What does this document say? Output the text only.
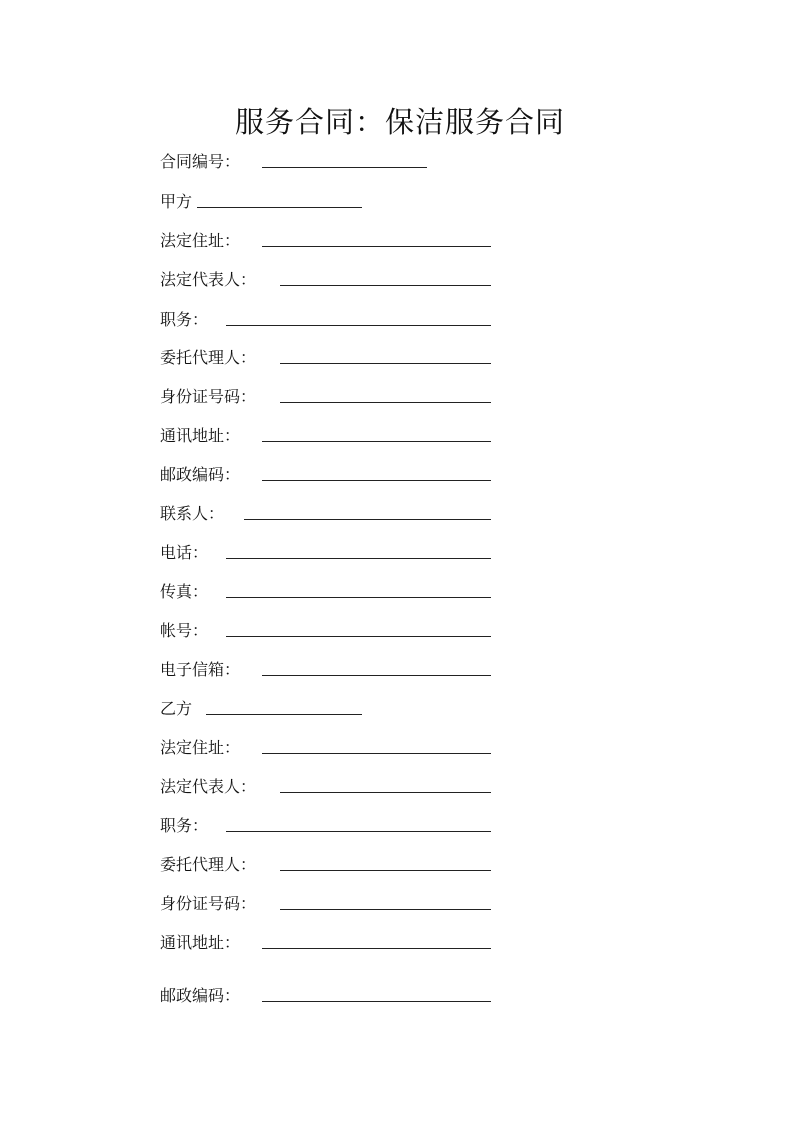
服务合同：保洁服务合同
合同编号：
甲方
法定住址：
法定代表人：
职务：
委托代理人：
身份证号码：
通讯地址：
邮政编码：
联系人：
电话：
传真：
帐号：
电子信箱：
乙方
法定住址：
法定代表人：
职务：
委托代理人：
身份证号码：
通讯地址：
邮政编码：
